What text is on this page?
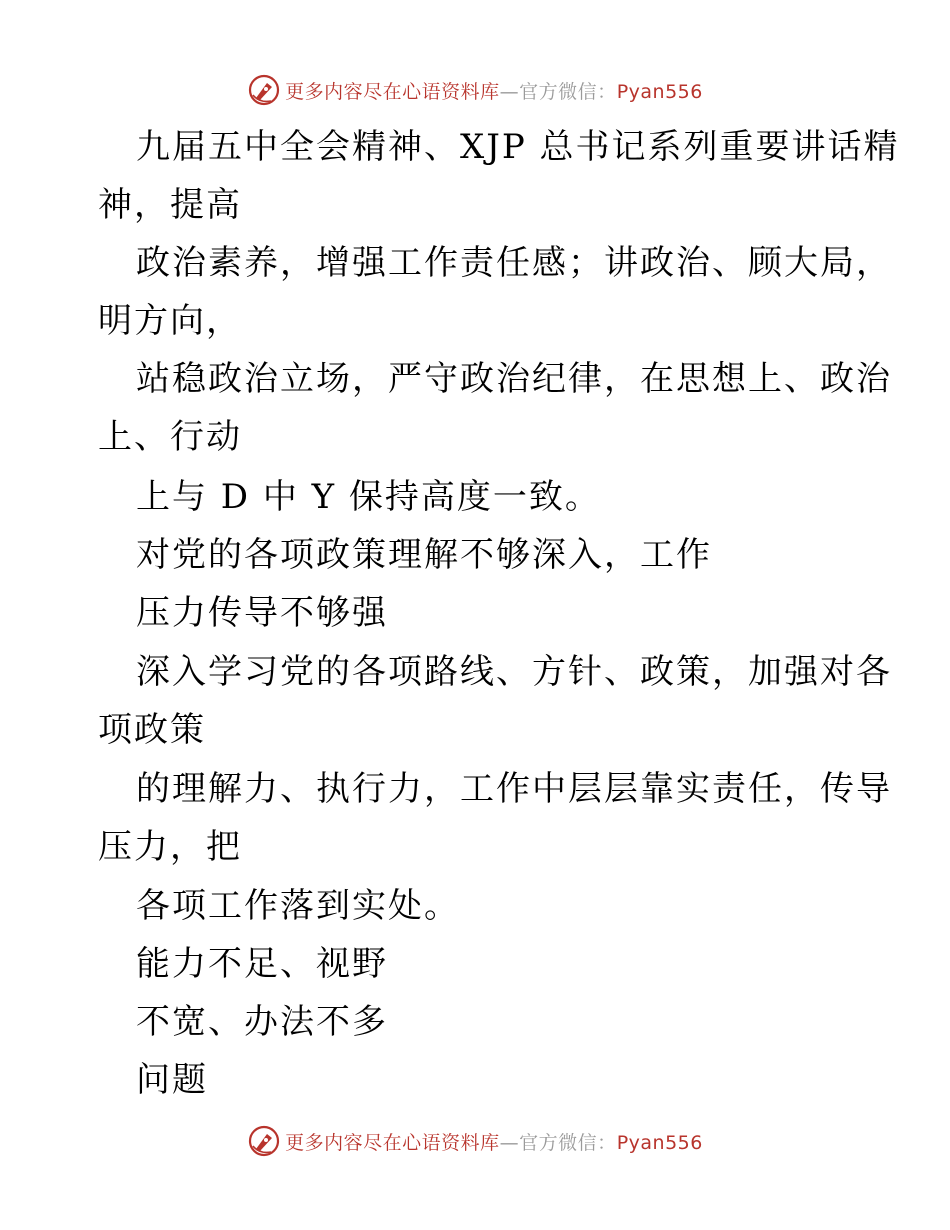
更多内容尽在心语资料库—官方微信：Pyan556
九届五中全会精神、XJP 总书记系列重要讲话精
神，提高
政治素养，增强工作责任感；讲政治、顾大局，
明方向，
站稳政治立场，严守政治纪律，在思想上、政治
上、行动
上与 D 中 Y 保持高度一致。
对党的各项政策理解不够深入，工作
压力传导不够强
深入学习党的各项路线、方针、政策，加强对各
项政策
的理解力、执行力，工作中层层靠实责任，传导
压力，把
各项工作落到实处。
能力不足、视野
不宽、办法不多
问题
更多内容尽在心语资料库—官方微信：Pyan556
